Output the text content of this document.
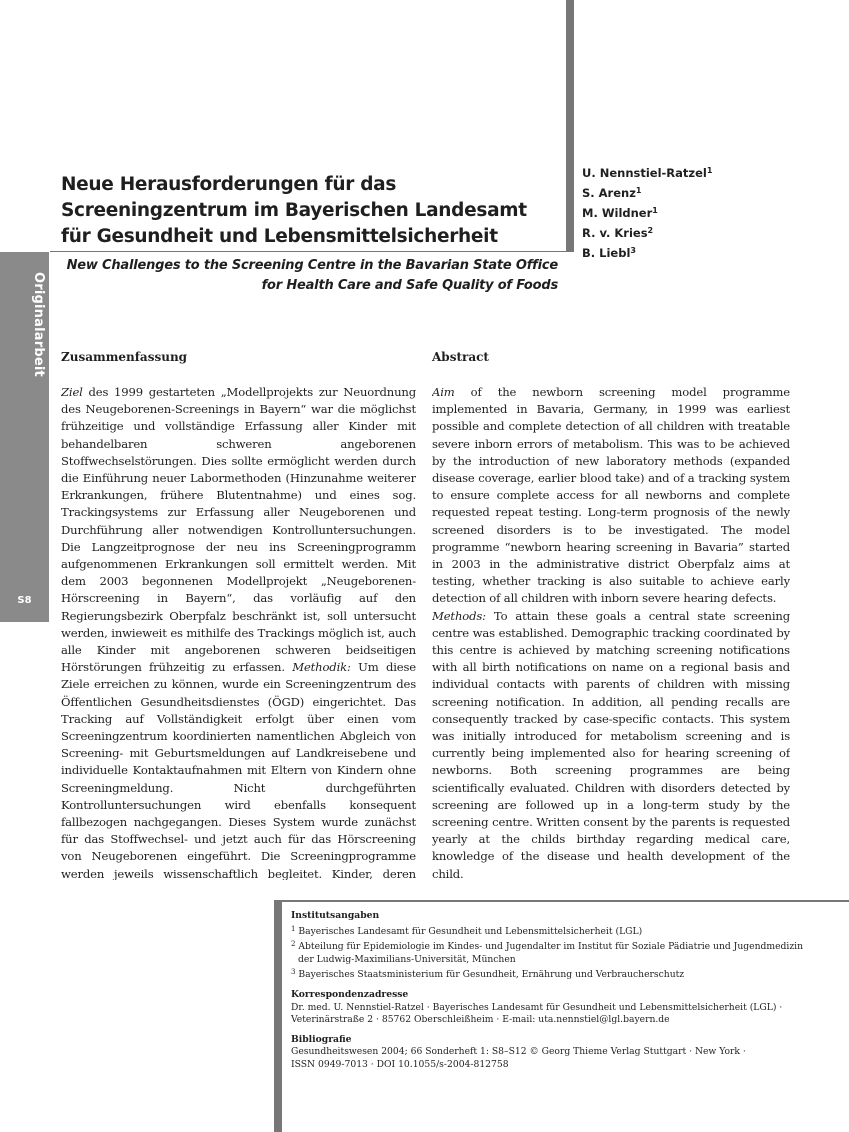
Originalarbeit
S8
Neue Herausforderungen für das Screeningzentrum im Bayerischen Landesamt für Gesundheit und Lebensmittelsicherheit

New Challenges to the Screening Centre in the Bavarian State Office for Health Care and Safe Quality of Foods

U. Nennstiel-Ratzel$^1$
S. Arenz$^1$
M. Wildner$^1$
R. v. Kries$^2$
B. Liebl$^3$
Zusammenfassung	Abstract

Ziel des 1999 gestarteten „Modellprojekts zur Neuordnung des Neugeborenen-Screenings in Bayern“ war die möglichst frühzeitige und vollständige Erfassung aller Kinder mit behandelbaren schweren angeborenen Stoffwechselstörungen. Dies sollte ermöglicht werden durch die Einführung neuer Labormethoden (Hinzunahme weiterer Erkrankungen, frühere Blutentnahme) und eines sog. Trackingsystems zur Erfassung aller Neugeborenen und Durchführung aller notwendigen Kontrolluntersuchungen. Die Langzeitprognose der neu ins Screeningprogramm aufgenommenen Erkrankungen soll ermittelt werden. Mit dem 2003 begonnenen Modellprojekt „Neugeborenen-Hörscreening in Bayern“, das vorläufig auf den Regierungsbezirk Oberpfalz beschränkt ist, soll untersucht werden, inwieweit es mithilfe des Trackings möglich ist, auch alle Kinder mit angeborenen schweren beidseitigen Hörstörungen frühzeitig zu erfassen. Methodik: Um diese Ziele erreichen zu können, wurde ein Screeningzentrum des Öffentlichen Gesundheitsdienstes (ÖGD) eingerichtet. Das Tracking auf Vollständigkeit erfolgt über einen vom Screeningzentrum koordinierten namentlichen Abgleich von Screening- mit Geburtsmeldungen auf Landkreisebene und individuelle Kontaktaufnahmen mit Eltern von Kindern ohne Screeningmeldung. Nicht durchgeführten Kontrolluntersuchungen wird ebenfalls konsequent fallbezogen nachgegangen. Dieses System wurde zunächst für das Stoffwechsel- und jetzt auch für das Hörscreening von Neugeborenen eingeführt. Die Screeningprogramme werden jeweils wissenschaftlich begleitet. Kinder, deren

Aim of the newborn screening model programme implemented in Bavaria, Germany, in 1999 was earliest possible and complete detection of all children with treatable severe inborn errors of metabolism. This was to be achieved by the introduction of new laboratory methods (expanded disease coverage, earlier blood take) and of a tracking system to ensure complete access for all newborns and complete requested repeat testing. Long-term prognosis of the newly screened disorders is to be investigated. The model programme “newborn hearing screening in Bavaria” started in 2003 in the administrative district Oberpfalz aims at testing, whether tracking is also suitable to achieve early detection of all children with inborn severe hearing defects.

Methods: To attain these goals a central state screening centre was established. Demographic tracking coordinated by this centre is achieved by matching screening notifications with all birth notifications on name on a regional basis and individual contacts with parents of children with missing screening notification. In addition, all pending recalls are consequently tracked by case-specific contacts. This system was initially introduced for metabolism screening and is currently being implemented also for hearing screening of newborns. Both screening programmes are being scientifically evaluated. Children with disorders detected by screening are followed up in a long-term study by the screening centre. Written consent by the parents is requested yearly at the childs birthday regarding medical care, knowledge of the disease und health development of the child.

Institutsangaben

$^1$ Bayerisches Landesamt für Gesundheit und Lebensmittelsicherheit (LGL)

$^2$ Abteilung für Epidemiologie im Kindes- und Jugendalter im Institut für Soziale Pädiatrie und Jugendmedizin

der Ludwig-Maximilians-Universität, München

$^3$ Bayerisches Staatsministerium für Gesundheit, Ernährung und Verbraucherschutz

Korrespondenzadresse

Dr. med. U. Nennstiel-Ratzel · Bayerisches Landesamt für Gesundheit und Lebensmittelsicherheit (LGL) ·

Veterinärstraße 2 · 85762 Oberschleißheim · E-mail: uta.nennstiel@lgl.bayern.de

Bibliografie

Gesundheitswesen 2004; 66 Sonderheft 1: S8–S12 © Georg Thieme Verlag Stuttgart · New York ·

ISSN 0949-7013 · DOI 10.1055/s-2004-812758
